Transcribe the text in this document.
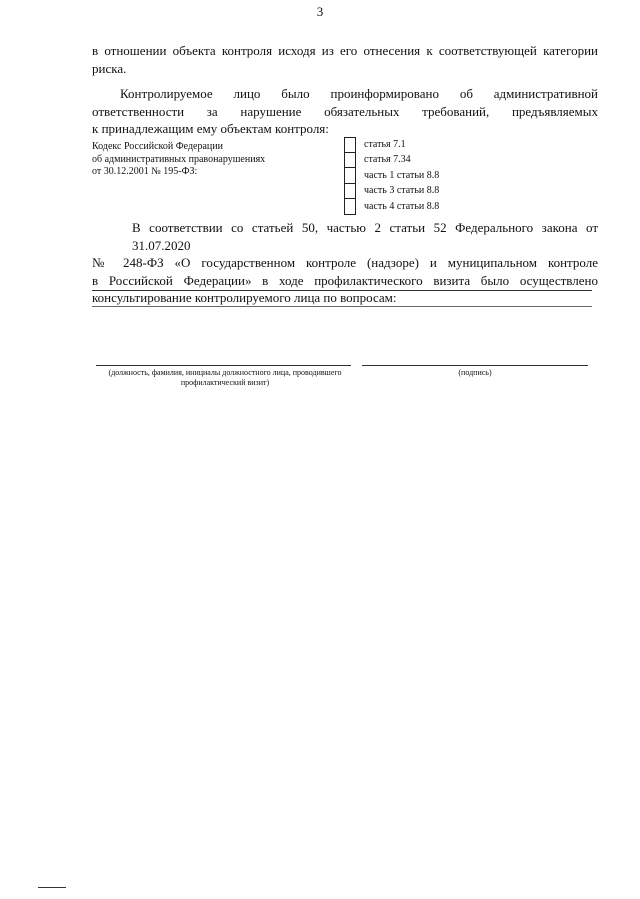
3
в отношении объекта контроля исходя из его отнесения к соответствующей категории
риска.
Контролируемое лицо было проинформировано об административной
ответственности за нарушение обязательных требований, предъявляемых
к принадлежащим ему объектам контроля:
Кодекс Российской Федерации
об административных правонарушениях
от 30.12.2001 № 195-ФЗ:
статья 7.1
статья 7.34
часть 1 статьи 8.8
часть 3 статьи 8.8
часть 4 статьи 8.8
В соответствии со статьей 50, частью 2 статьи 52 Федерального закона от 31.07.2020
№ 248-ФЗ «О государственном контроле (надзоре) и муниципальном контроле
в Российской Федерации» в ходе профилактического визита было осуществлено
консультирование контролируемого лица по вопросам:
(должность, фамилия, инициалы должностного лица, проводившего
профилактический визит)
(подпись)
